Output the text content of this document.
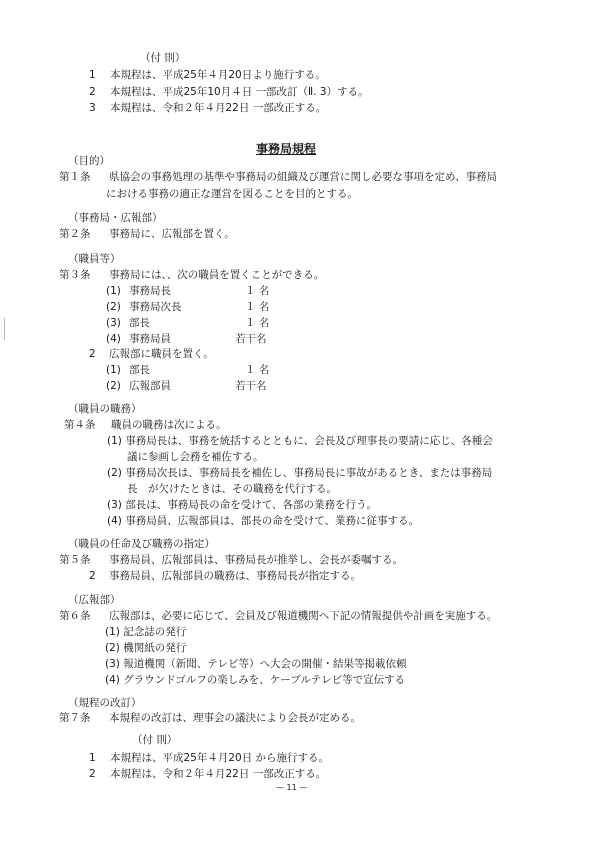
（付 則）
1 本規程は、平成25年４月20日より施行する。
2 本規程は、平成25年10月４日 一部改訂（Ⅱ. 3）する。
3 本規程は、令和２年４月22日 一部改正する。
事務局規程
（目的）
第１条 県協会の事務処理の基準や事務局の組織及び運営に関し必要な事項を定め、事務局
における事務の適正な運営を図ることを目的とする。
（事務局・広報部）
第２条 事務局に、広報部を置く。
（職員等）
第３条 事務局には、、次の職員を置くことができる。
(1) 事務局長	１ 名
(2) 事務局次長	１ 名
(3) 部長	１ 名
(4) 事務局員	若干名
2 広報部に職員を置く。
(1) 部長	１ 名
(2) 広報部員	若干名
（職員の職務）
第４条 職員の職務は次による。
(1) 事務局長は、事務を統括するとともに、会長及び理事長の要請に応じ、各種会
議に参画し会務を補佐する。
(2) 事務局次長は、事務局長を補佐し、事務局長に事故があるとき、または事務局
長　が欠けたときは、その職務を代行する。
(3) 部長は、事務局長の命を受けて、各部の業務を行う。
(4) 事務局員、広報部員は、部長の命を受けて、業務に従事する。
（職員の任命及び職務の指定）
第５条 事務局員、広報部員は、事務局長が推挙し、会長が委嘱する。
2 事務局員、広報部員の職務は、事務局長が指定する。
（広報部）
第６条 広報部は、必要に応じて、会員及び報道機関へ下記の情報提供や計画を実施する。
(1) 記念誌の発行
(2) 機関紙の発行
(3) 報道機関（新聞、テレビ等）へ大会の開催・結果等掲載依頼
(4) グラウンドゴルフの楽しみを、ケーブルテレビ等で宣伝する
（規程の改訂）
第７条 本規程の改訂は、理事会の議決により会長が定める。
（付 則）
1 本規程は、平成25年４月20日 から施行する。
2 本規程は、令和２年４月22日 一部改正する。
— 11 —
